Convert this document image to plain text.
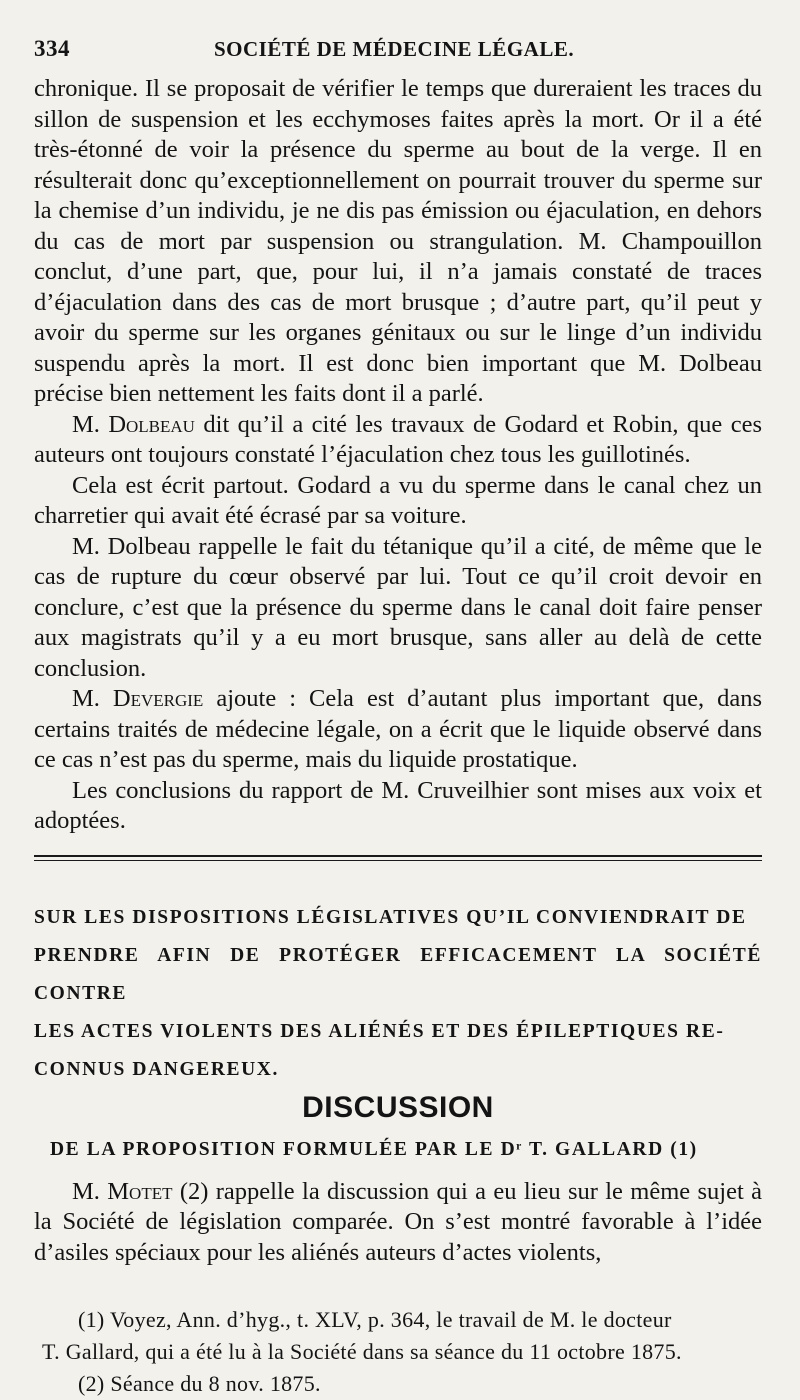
334	SOCIÉTÉ DE MÉDECINE LÉGALE.

chronique. Il se proposait de vérifier le temps que dureraient les traces du sillon de suspension et les ecchymoses faites après la mort. Or il a été très-étonné de voir la présence du sperme au bout de la verge. Il en résulterait donc qu’exceptionnellement on pourrait trouver du sperme sur la chemise d’un individu, je ne dis pas émission ou éjaculation, en dehors du cas de mort par suspension ou strangulation. M. Champouillon conclut, d’une part, que, pour lui, il n’a jamais constaté de traces d’éjaculation dans des cas de mort brusque ; d’autre part, qu’il peut y avoir du sperme sur les organes génitaux ou sur le linge d’un individu suspendu après la mort. Il est donc bien important que M. Dolbeau précise bien nettement les faits dont il a parlé.

M. Dolbeau dit qu’il a cité les travaux de Godard et Robin, que ces auteurs ont toujours constaté l’éjaculation chez tous les guillotinés.

Cela est écrit partout. Godard a vu du sperme dans le canal chez un charretier qui avait été écrasé par sa voiture.

M. Dolbeau rappelle le fait du tétanique qu’il a cité, de même que le cas de rupture du cœur observé par lui. Tout ce qu’il croit devoir en conclure, c’est que la présence du sperme dans le canal doit faire penser aux magistrats qu’il y a eu mort brusque, sans aller au delà de cette conclusion.

M. Devergie ajoute : Cela est d’autant plus important que, dans certains traités de médecine légale, on a écrit que le liquide observé dans ce cas n’est pas du sperme, mais du liquide prostatique.

Les conclusions du rapport de M. Cruveilhier sont mises aux voix et adoptées.

SUR LES DISPOSITIONS LÉGISLATIVES QU’IL CONVIENDRAIT DE
PRENDRE AFIN DE PROTÉGER EFFICACEMENT LA SOCIÉTÉ CONTRE
LES ACTES VIOLENTS DES ALIÉNÉS ET DES ÉPILEPTIQUES RE-
CONNUS DANGEREUX.
DISCUSSION
DE LA PROPOSITION FORMULÉE PAR LE Dʳ T. GALLARD (1)

M. Motet (2) rappelle la discussion qui a eu lieu sur le même sujet à la Société de législation comparée. On s’est montré favorable à l’idée d’asiles spéciaux pour les aliénés auteurs d’actes violents,

(1) Voyez, Ann. d’hyg., t. XLV, p. 364, le travail de M. le docteur

T. Gallard, qui a été lu à la Société dans sa séance du 11 octobre 1875.

(2) Séance du 8 nov. 1875.
